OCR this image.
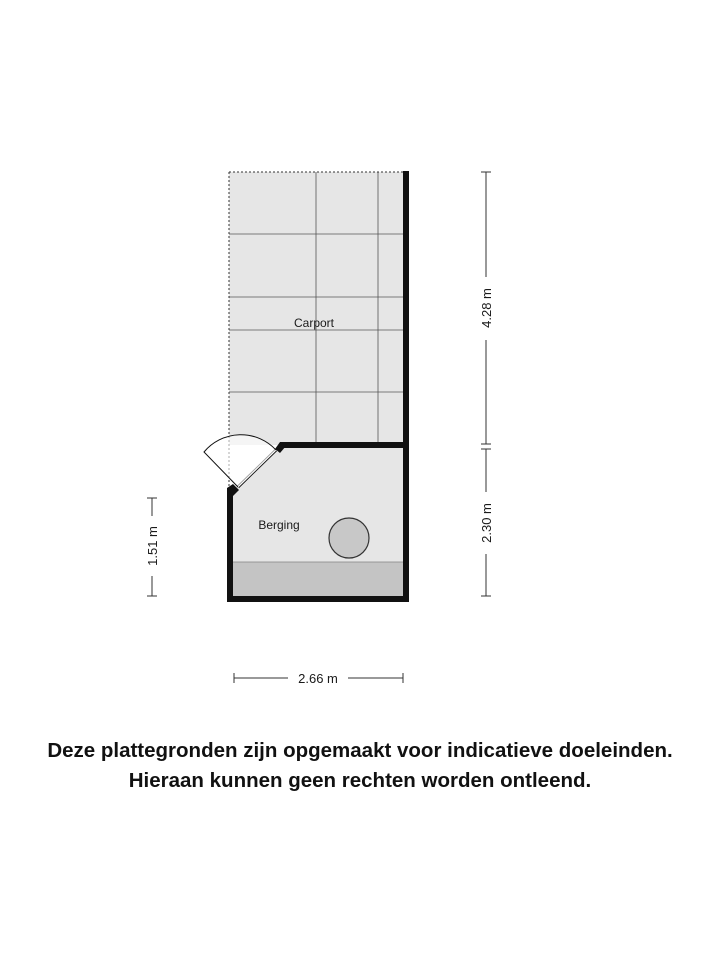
Carport
Berging
4.28 m
2.30 m
1.51 m
2.66 m
Deze plattegronden zijn opgemaakt voor indicatieve doeleinden.
Hieraan kunnen geen rechten worden ontleend.
